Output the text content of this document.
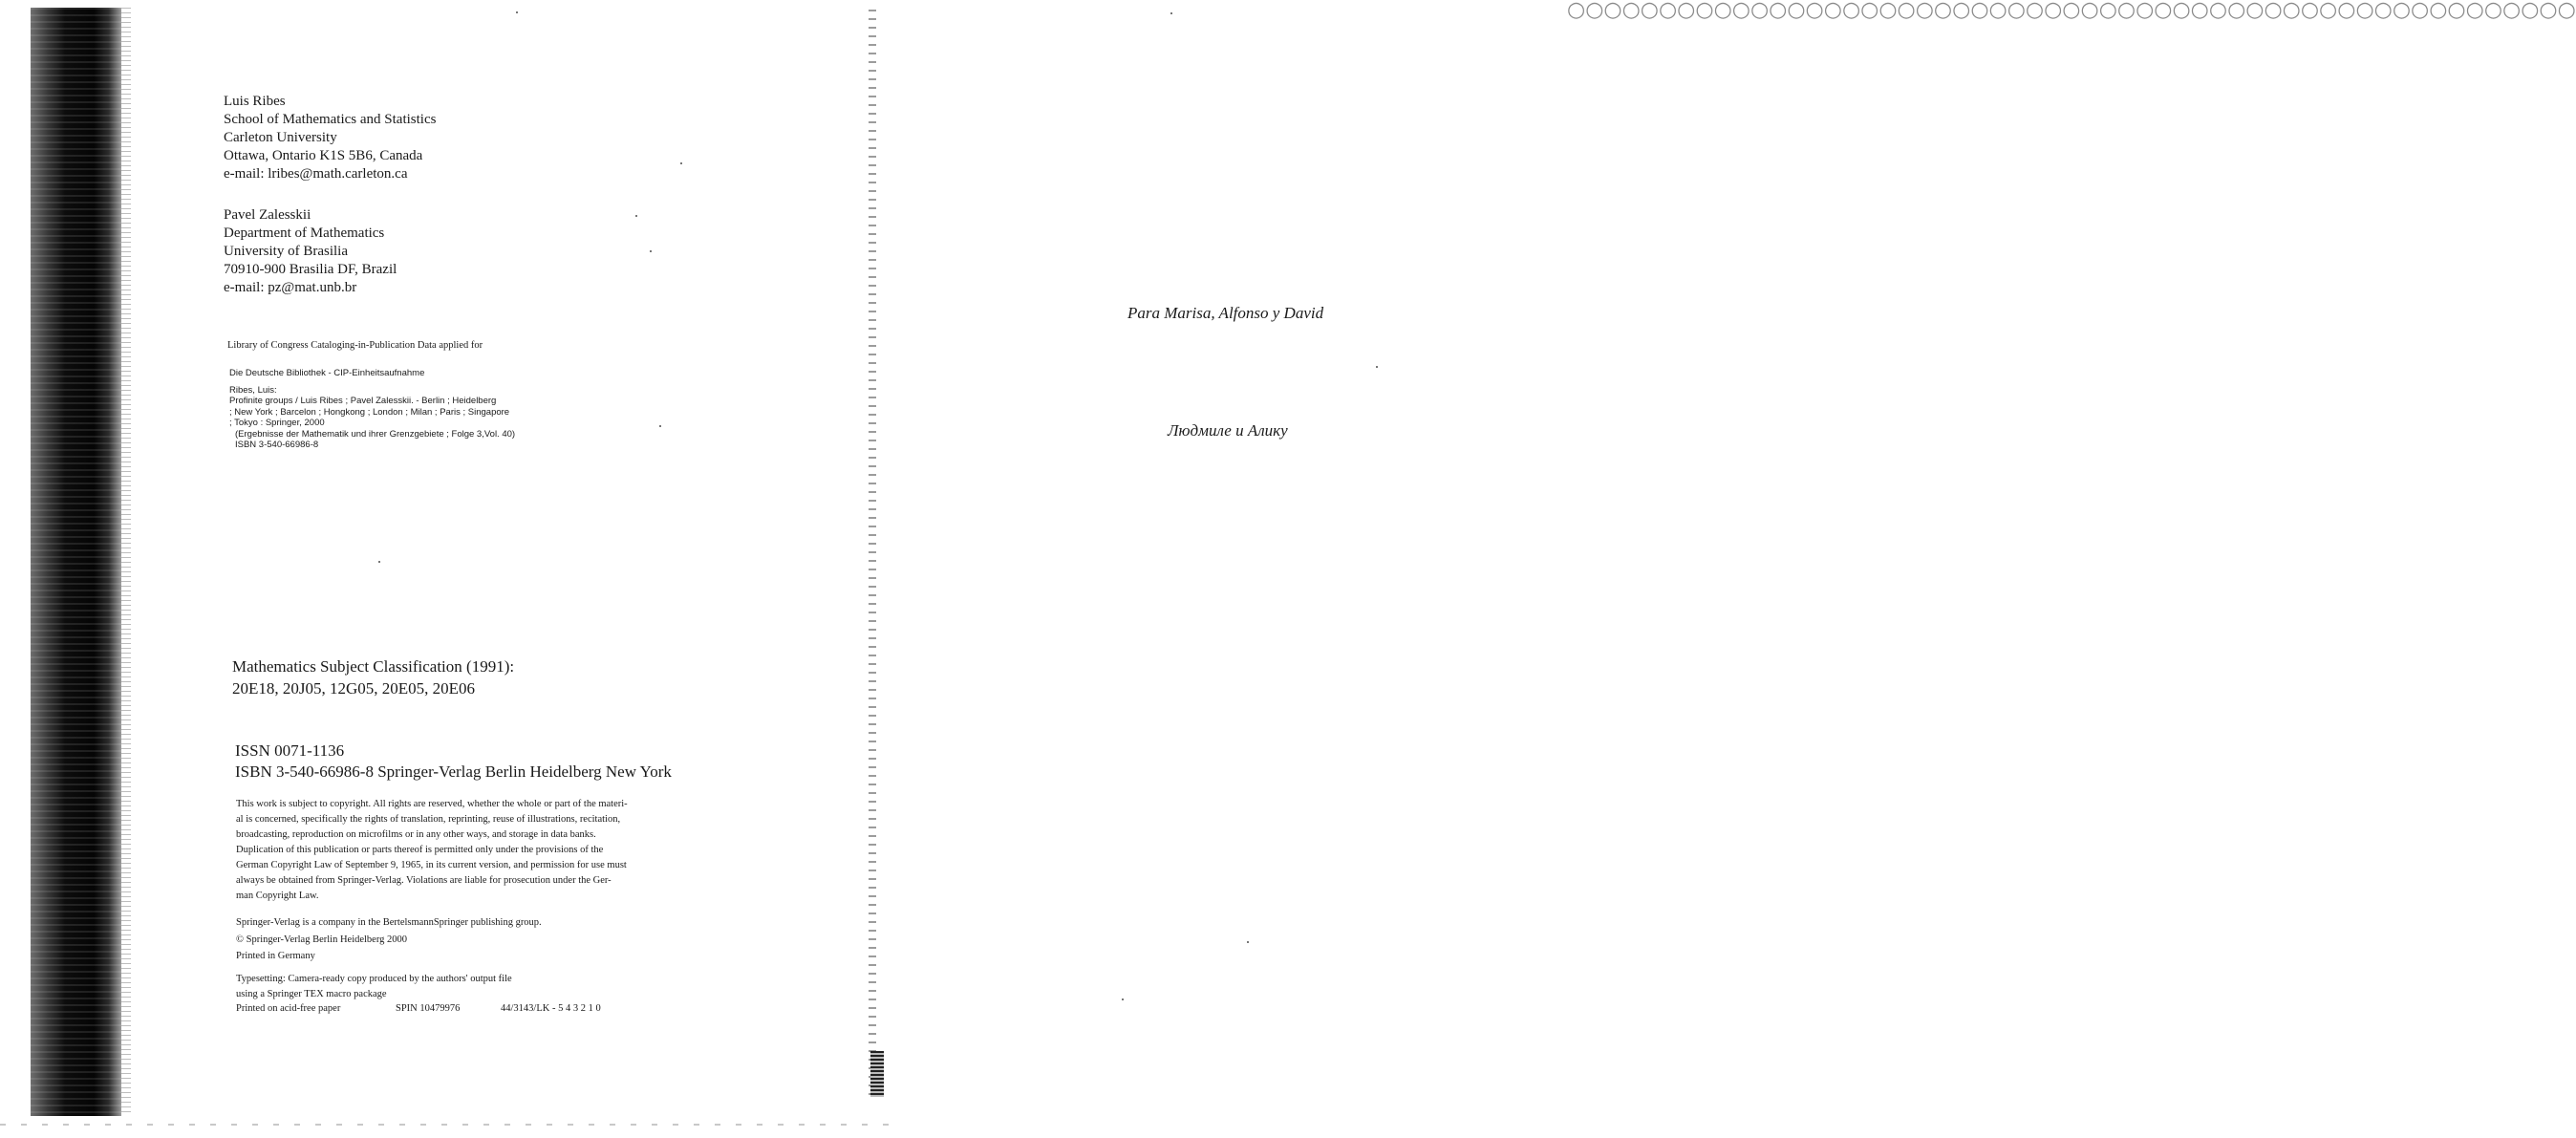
○○○○○○○○○○○○○○○○○○○○○○○○○○○○○○○○○○○○○○○○○○○○○○○○○○○○○○○
Luis Ribes
School of Mathematics and Statistics
Carleton University
Ottawa, Ontario K1S 5B6, Canada
e-mail: lribes@math.carleton.ca
Pavel Zalesskii
Department of Mathematics
University of Brasilia
70910-900 Brasilia DF, Brazil
e-mail: pz@mat.unb.br
Library of Congress Cataloging-in-Publication Data applied for
Die Deutsche Bibliothek - CIP-Einheitsaufnahme
Ribes, Luis:
Profinite groups / Luis Ribes ; Pavel Zalesskii. - Berlin ; Heidelberg
; New York ; Barcelon ; Hongkong ; London ; Milan ; Paris ; Singapore
; Tokyo : Springer, 2000
(Ergebnisse der Mathematik und ihrer Grenzgebiete ; Folge 3,Vol. 40)
ISBN 3-540-66986-8
Mathematics Subject Classification (1991):
20E18, 20J05, 12G05, 20E05, 20E06
ISSN 0071-1136
ISBN 3-540-66986-8 Springer-Verlag Berlin Heidelberg New York
This work is subject to copyright. All rights are reserved, whether the whole or part of the materi-
al is concerned, specifically the rights of translation, reprinting, reuse of illustrations, recitation,
broadcasting, reproduction on microfilms or in any other ways, and storage in data banks.
Duplication of this publication or parts thereof is permitted only under the provisions of the
German Copyright Law of September 9, 1965, in its current version, and permission for use must
always be obtained from Springer-Verlag. Violations are liable for prosecution under the Ger-
man Copyright Law.
Springer-Verlag is a company in the BertelsmannSpringer publishing group.
© Springer-Verlag Berlin Heidelberg 2000
Printed in Germany
Typesetting: Camera-ready copy produced by the authors' output file
using a Springer TEX macro package
Printed on acid-free paper	SPIN 10479976	44/3143/LK - 5 4 3 2 1 0
Para Marisa, Alfonso y David
Людмиле и Алику
